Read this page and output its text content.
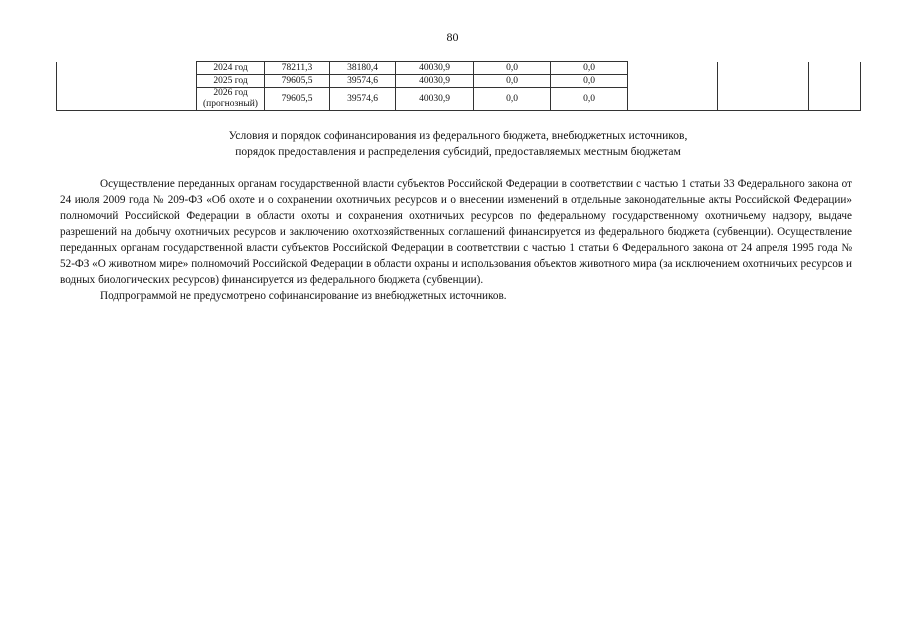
80
	2024 год	78211,3	38180,4	40030,9	0,0	0,0			
	2025 год	79605,5	39574,6	40030,9	0,0	0,0			
	2026 год (прогнозный)	79605,5	39574,6	40030,9	0,0	0,0			
Условия и порядок софинансирования из федерального бюджета, внебюджетных источников,
порядок предоставления и распределения субсидий, предоставляемых местным бюджетам

Осуществление переданных органам государственной власти субъектов Российской Федерации в соответствии с частью 1 статьи 33 Федерального закона от 24 июля 2009 года № 209-ФЗ «Об охоте и о сохранении охотничьих ресурсов и о внесении изменений в отдельные законодательные акты Российской Федерации» полномочий Российской Федерации в области охоты и сохранения охотничьих ресурсов по федеральному государственному охотничьему надзору, выдаче разрешений на добычу охотничьих ресурсов и заключению охотхозяйственных соглашений финансируется из федерального бюджета (субвенции). Осуществление переданных органам государственной власти субъектов Российской Федерации в соответствии с частью 1 статьи 6 Федерального закона от 24 апреля 1995 года № 52-ФЗ «О животном мире» полномочий Российской Федерации в области охраны и использования объектов животного мира (за исключением охотничьих ресурсов и водных биологических ресурсов) финансируется из федерального бюджета (субвенции).

Подпрограммой не предусмотрено софинансирование из внебюджетных источников.
